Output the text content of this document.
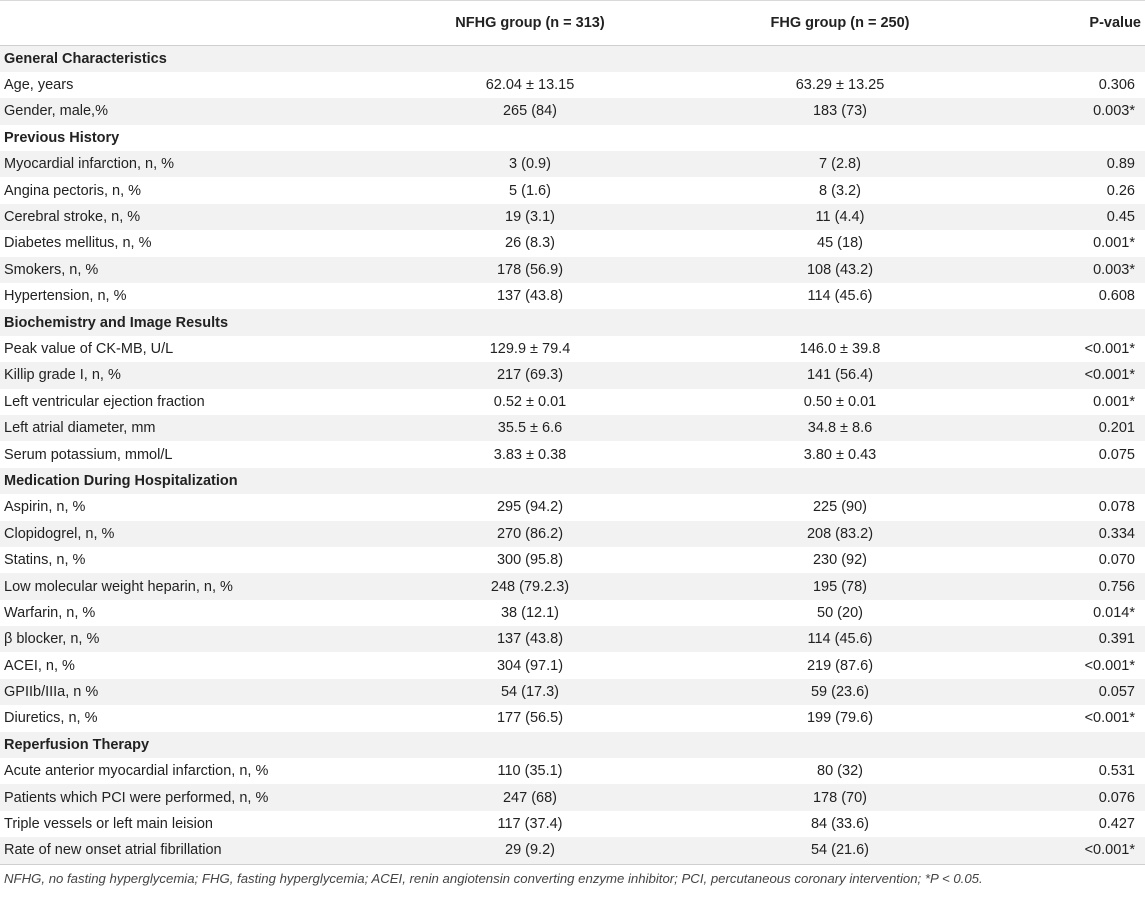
	NFHG group (n = 313)	FHG group (n = 250)	P-value
General Characteristics			
Age, years	62.04 ± 13.15	63.29 ± 13.25	0.306
Gender, male,%	265 (84)	183 (73)	0.003*
Previous History			
Myocardial infarction, n, %	3 (0.9)	7 (2.8)	0.89
Angina pectoris, n, %	5 (1.6)	8 (3.2)	0.26
Cerebral stroke, n, %	19 (3.1)	11 (4.4)	0.45
Diabetes mellitus, n, %	26 (8.3)	45 (18)	0.001*
Smokers, n, %	178 (56.9)	108 (43.2)	0.003*
Hypertension, n, %	137 (43.8)	114 (45.6)	0.608
Biochemistry and Image Results			
Peak value of CK-MB, U/L	129.9 ± 79.4	146.0 ± 39.8	<0.001*
Killip grade I, n, %	217 (69.3)	141 (56.4)	<0.001*
Left ventricular ejection fraction	0.52 ± 0.01	0.50 ± 0.01	0.001*
Left atrial diameter, mm	35.5 ± 6.6	34.8 ± 8.6	0.201
Serum potassium, mmol/L	3.83 ± 0.38	3.80 ± 0.43	0.075
Medication During Hospitalization			
Aspirin, n, %	295 (94.2)	225 (90)	0.078
Clopidogrel, n, %	270 (86.2)	208 (83.2)	0.334
Statins, n, %	300 (95.8)	230 (92)	0.070
Low molecular weight heparin, n, %	248 (79.2.3)	195 (78)	0.756
Warfarin, n, %	38 (12.1)	50 (20)	0.014*
β blocker, n, %	137 (43.8)	114 (45.6)	0.391
ACEI, n, %	304 (97.1)	219 (87.6)	<0.001*
GPIIb/IIIa, n %	54 (17.3)	59 (23.6)	0.057
Diuretics, n, %	177 (56.5)	199 (79.6)	<0.001*
Reperfusion Therapy			
Acute anterior myocardial infarction, n, %	110 (35.1)	80 (32)	0.531
Patients which PCI were performed, n, %	247 (68)	178 (70)	0.076
Triple vessels or left main leision	117 (37.4)	84 (33.6)	0.427
Rate of new onset atrial fibrillation	29 (9.2)	54 (21.6)	<0.001*
NFHG, no fasting hyperglycemia; FHG, fasting hyperglycemia; ACEI, renin angiotensin converting enzyme inhibitor; PCI, percutaneous coronary intervention; *P < 0.05.
